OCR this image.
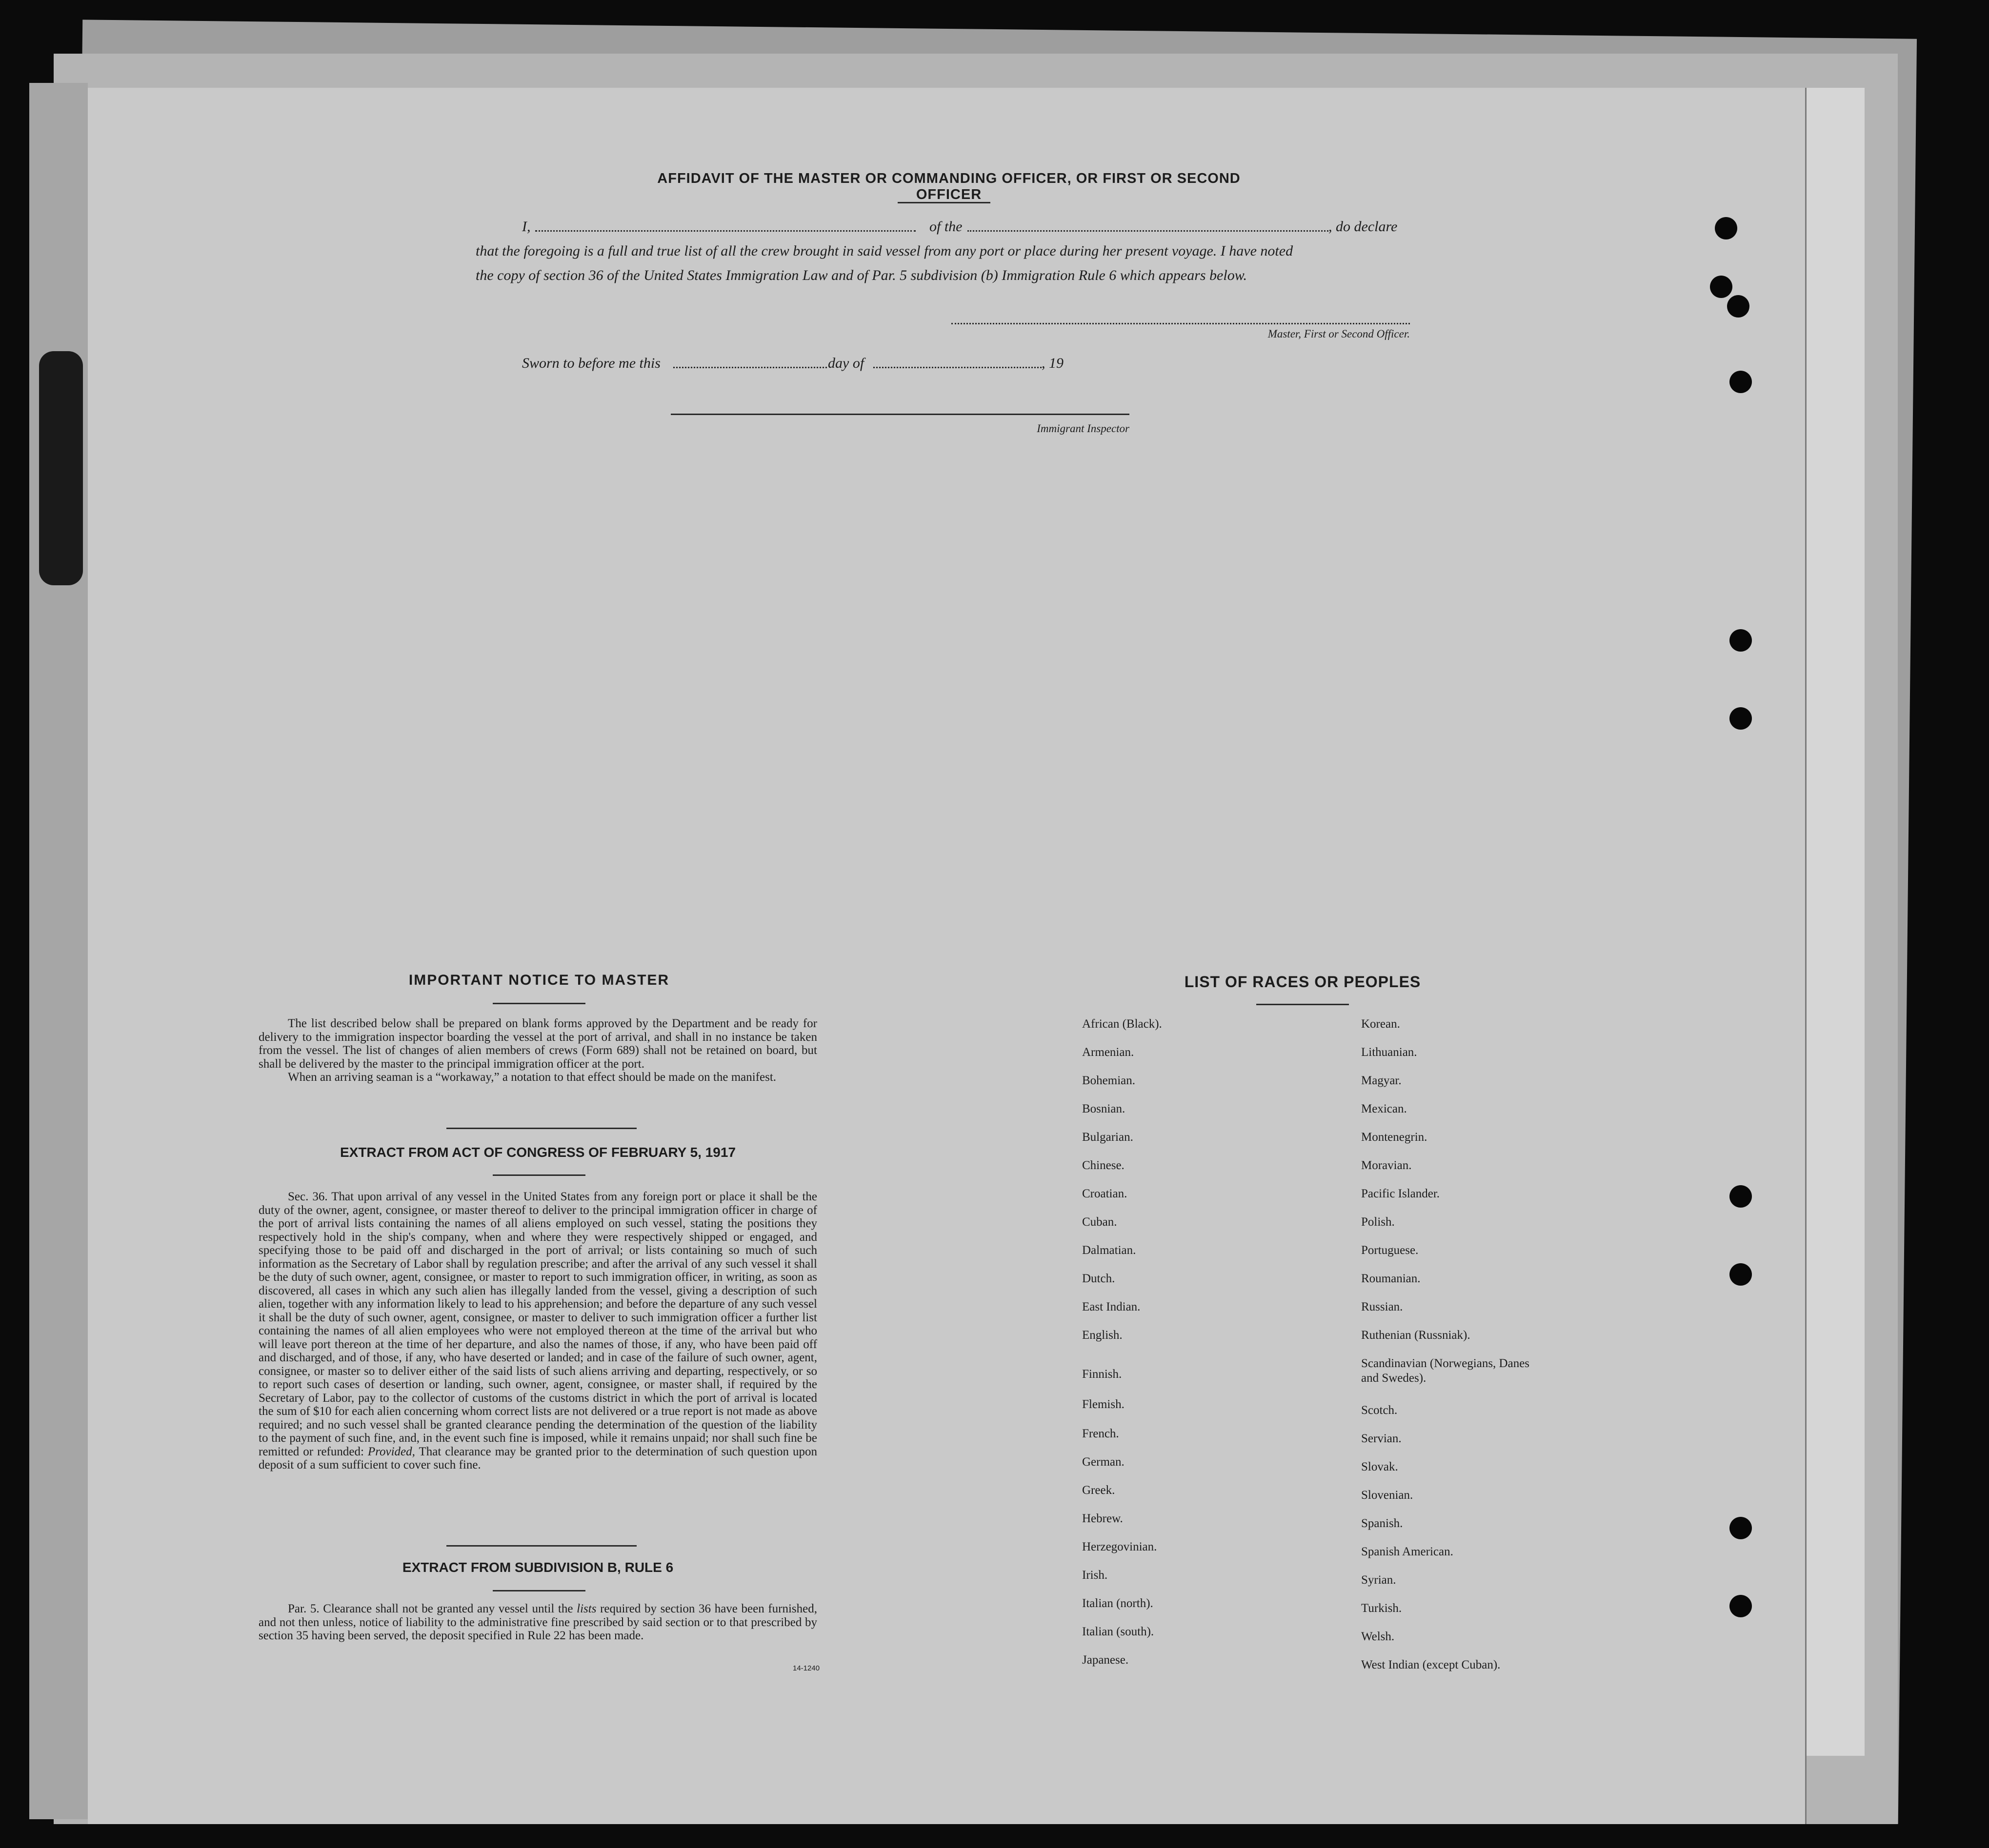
AFFIDAVIT OF THE MASTER OR COMMANDING OFFICER, OR FIRST OR SECOND OFFICER
I,	of the	, do declare
that the foregoing is a full and true list of all the crew brought in said vessel from any port or place during her present voyage. I have noted
the copy of section 36 of the United States Immigration Law and of Par. 5 subdivision (b) Immigration Rule 6 which appears below.
Master, First or Second Officer.
Sworn to before me this	day of	, 19
Immigrant Inspector
IMPORTANT NOTICE TO MASTER

The list described below shall be prepared on blank forms approved by the Department and be ready for delivery to the immigration inspector boarding the vessel at the port of arrival, and shall in no instance be taken from the vessel. The list of changes of alien members of crews (Form 689) shall not be retained on board, but shall be delivered by the master to the principal immigration officer at the port.

When an arriving seaman is a “workaway,” a notation to that effect should be made on the manifest.

EXTRACT FROM ACT OF CONGRESS OF FEBRUARY 5, 1917

Sec. 36. That upon arrival of any vessel in the United States from any foreign port or place it shall be the duty of the owner, agent, consignee, or master thereof to deliver to the principal immigration officer in charge of the port of arrival lists containing the names of all aliens employed on such vessel, stating the positions they respectively hold in the ship's company, when and where they were respectively shipped or engaged, and specifying those to be paid off and discharged in the port of arrival; or lists containing so much of such information as the Secretary of Labor shall by regulation prescribe; and after the arrival of any such vessel it shall be the duty of such owner, agent, consignee, or master to report to such immigration officer, in writing, as soon as discovered, all cases in which any such alien has illegally landed from the vessel, giving a description of such alien, together with any information likely to lead to his apprehension; and before the departure of any such vessel it shall be the duty of such owner, agent, consignee, or master to deliver to such immigration officer a further list containing the names of all alien employees who were not employed thereon at the time of the arrival but who will leave port thereon at the time of her departure, and also the names of those, if any, who have been paid off and discharged, and of those, if any, who have deserted or landed; and in case of the failure of such owner, agent, consignee, or master so to deliver either of the said lists of such aliens arriving and departing, respectively, or so to report such cases of desertion or landing, such owner, agent, consignee, or master shall, if required by the Secretary of Labor, pay to the collector of customs of the customs district in which the port of arrival is located the sum of $10 for each alien concerning whom correct lists are not delivered or a true report is not made as above required; and no such vessel shall be granted clearance pending the determination of the question of the liability to the payment of such fine, and, in the event such fine is imposed, while it remains unpaid; nor shall such fine be remitted or refunded: Provided, That clearance may be granted prior to the determination of such question upon deposit of a sum sufficient to cover such fine.

EXTRACT FROM SUBDIVISION B, RULE 6

Par. 5. Clearance shall not be granted any vessel until the lists required by section 36 have been furnished, and not then unless, notice of liability to the administrative fine prescribed by said section or to that prescribed by section 35 having been served, the deposit specified in Rule 22 has been made.

14-1240
LIST OF RACES OR PEOPLES
African (Black).
Armenian.
Bohemian.
Bosnian.
Bulgarian.
Chinese.
Croatian.
Cuban.
Dalmatian.
Dutch.
East Indian.
English.
Finnish.
Flemish.
French.
German.
Greek.
Hebrew.
Herzegovinian.
Irish.
Italian (north).
Italian (south).
Japanese.
Korean.
Lithuanian.
Magyar.
Mexican.
Montenegrin.
Moravian.
Pacific Islander.
Polish.
Portuguese.
Roumanian.
Russian.
Ruthenian (Russniak).
Scandinavian (Norwegians, Danes and Swedes).
Scotch.
Servian.
Slovak.
Slovenian.
Spanish.
Spanish American.
Syrian.
Turkish.
Welsh.
West Indian (except Cuban).
